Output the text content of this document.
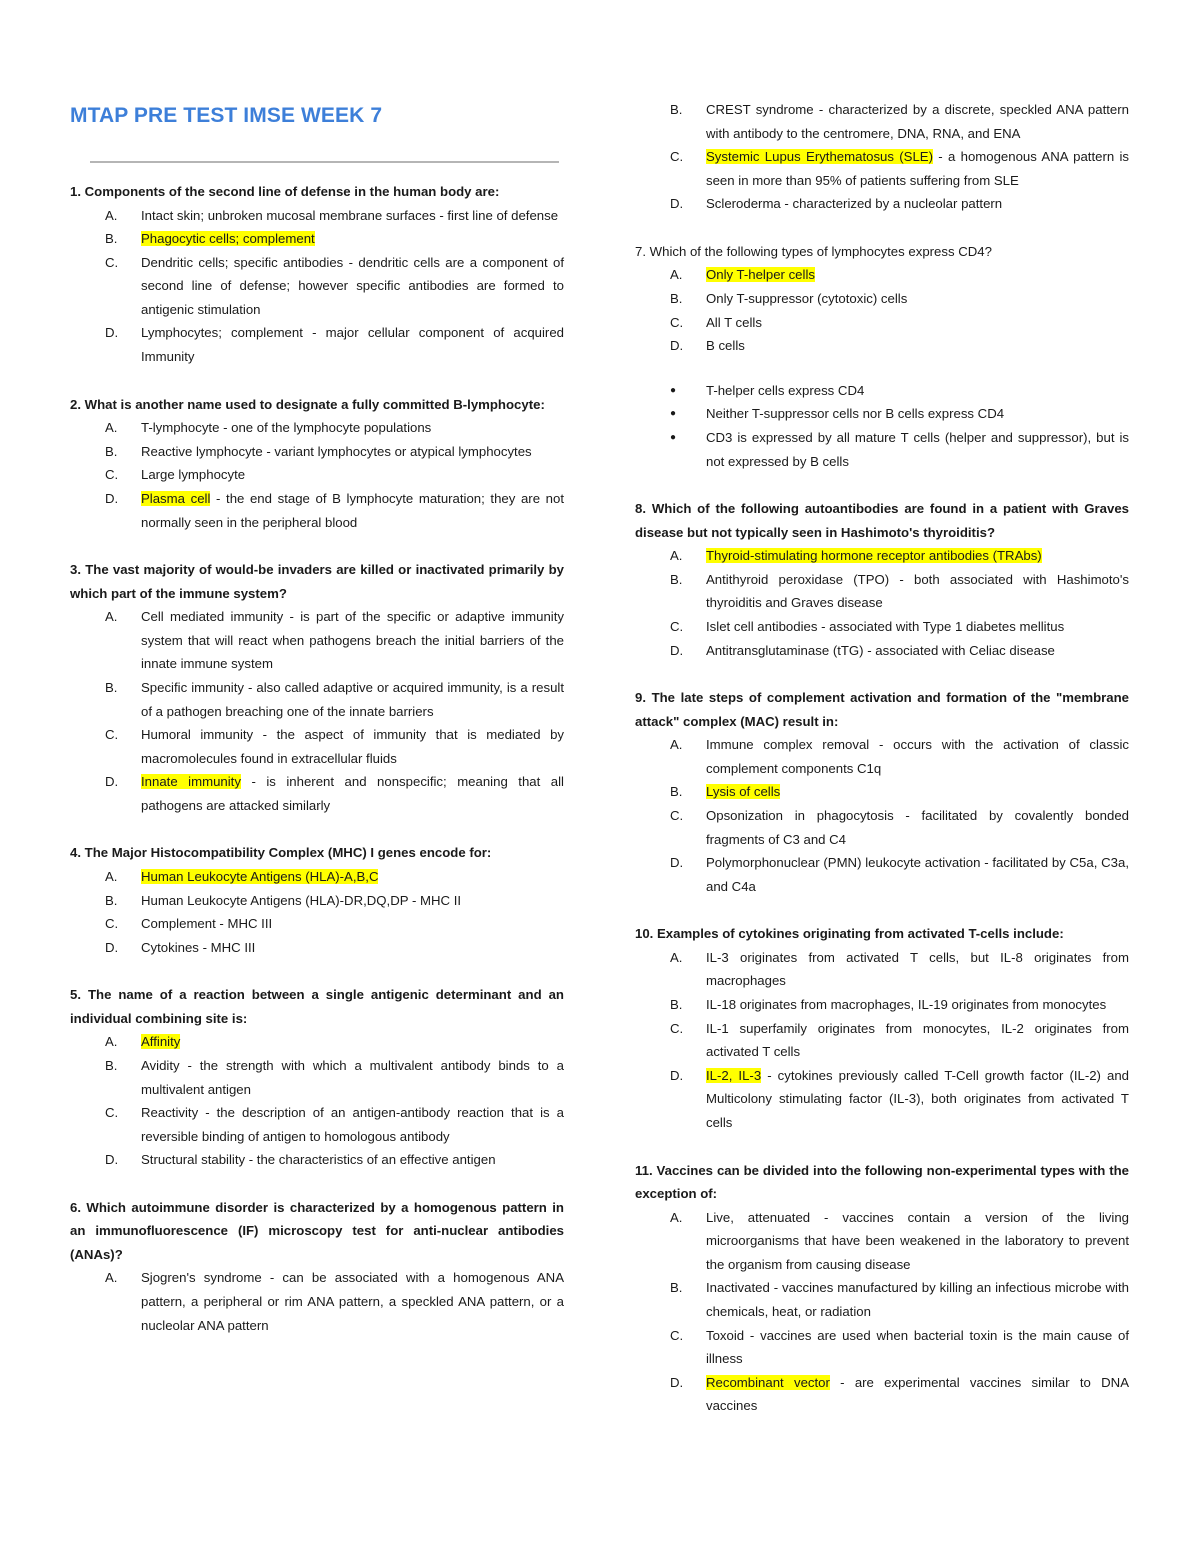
MTAP PRE TEST IMSE WEEK 7

1. Components of the second line of defense in the human body are:

A.	Intact skin; unbroken mucosal membrane surfaces - first line of defense
B.	Phagocytic cells; complement
C.	Dendritic cells; specific antibodies - dendritic cells are a component of second line of defense; however specific antibodies are formed to antigenic stimulation
D.	Lymphocytes; complement - major cellular component of acquired Immunity

2. What is another name used to designate a fully committed B-lymphocyte:

A.	T-lymphocyte - one of the lymphocyte populations
B.	Reactive lymphocyte - variant lymphocytes or atypical lymphocytes
C.	Large lymphocyte
D.	Plasma cell - the end stage of B lymphocyte maturation; they are not normally seen in the peripheral blood

3. The vast majority of would-be invaders are killed or inactivated primarily by which part of the immune system?

A.	Cell mediated immunity - is part of the specific or adaptive immunity system that will react when pathogens breach the initial barriers of the innate immune system
B.	Specific immunity - also called adaptive or acquired immunity, is a result of a pathogen breaching one of the innate barriers
C.	Humoral immunity - the aspect of immunity that is mediated by macromolecules found in extracellular fluids
D.	Innate immunity - is inherent and nonspecific; meaning that all pathogens are attacked similarly

4. The Major Histocompatibility Complex (MHC) I genes encode for:

A.	Human Leukocyte Antigens (HLA)-A,B,C
B.	Human Leukocyte Antigens (HLA)-DR,DQ,DP - MHC II
C.	Complement - MHC III
D.	Cytokines - MHC III

5. The name of a reaction between a single antigenic determinant and an individual combining site is:

A.	Affinity
B.	Avidity - the strength with which a multivalent antibody binds to a multivalent antigen
C.	Reactivity - the description of an antigen-antibody reaction that is a reversible binding of antigen to homologous antibody
D.	Structural stability - the characteristics of an effective antigen

6. Which autoimmune disorder is characterized by a homogenous pattern in an immunofluorescence (IF) microscopy test for anti-nuclear antibodies (ANAs)?

A.	Sjogren's syndrome - can be associated with a homogenous ANA pattern, a peripheral or rim ANA pattern, a speckled ANA pattern, or a nucleolar ANA pattern
B.	CREST syndrome - characterized by a discrete, speckled ANA pattern with antibody to the centromere, DNA, RNA, and ENA
C.	Systemic Lupus Erythematosus (SLE) - a homogenous ANA pattern is seen in more than 95% of patients suffering from SLE
D.	Scleroderma - characterized by a nucleolar pattern

7. Which of the following types of lymphocytes express CD4?

A.	Only T-helper cells
B.	Only T-suppressor (cytotoxic) cells
C.	All T cells
D.	B cells
●	T-helper cells express CD4
●	Neither T-suppressor cells nor B cells express CD4
●	CD3 is expressed by all mature T cells (helper and suppressor), but is not expressed by B cells

8. Which of the following autoantibodies are found in a patient with Graves disease but not typically seen in Hashimoto's thyroiditis?

A.	Thyroid-stimulating hormone receptor antibodies (TRAbs)
B.	Antithyroid peroxidase (TPO) - both associated with Hashimoto's thyroiditis and Graves disease
C.	Islet cell antibodies - associated with Type 1 diabetes mellitus
D.	Antitransglutaminase (tTG) - associated with Celiac disease

9. The late steps of complement activation and formation of the "membrane attack" complex (MAC) result in:

A.	Immune complex removal - occurs with the activation of classic complement components C1q
B.	Lysis of cells
C.	Opsonization in phagocytosis - facilitated by covalently bonded fragments of C3 and C4
D.	Polymorphonuclear (PMN) leukocyte activation - facilitated by C5a, C3a, and C4a

10. Examples of cytokines originating from activated T-cells include:

A.	IL-3 originates from activated T cells, but IL-8 originates from macrophages
B.	IL-18 originates from macrophages, IL-19 originates from monocytes
C.	IL-1 superfamily originates from monocytes, IL-2 originates from activated T cells
D.	IL-2, IL-3 - cytokines previously called T-Cell growth factor (IL-2) and Multicolony stimulating factor (IL-3), both originates from activated T cells

11. Vaccines can be divided into the following non-experimental types with the exception of:

A.	Live, attenuated - vaccines contain a version of the living microorganisms that have been weakened in the laboratory to prevent the organism from causing disease
B.	Inactivated - vaccines manufactured by killing an infectious microbe with chemicals, heat, or radiation
C.	Toxoid - vaccines are used when bacterial toxin is the main cause of illness
D.	Recombinant vector - are experimental vaccines similar to DNA vaccines
